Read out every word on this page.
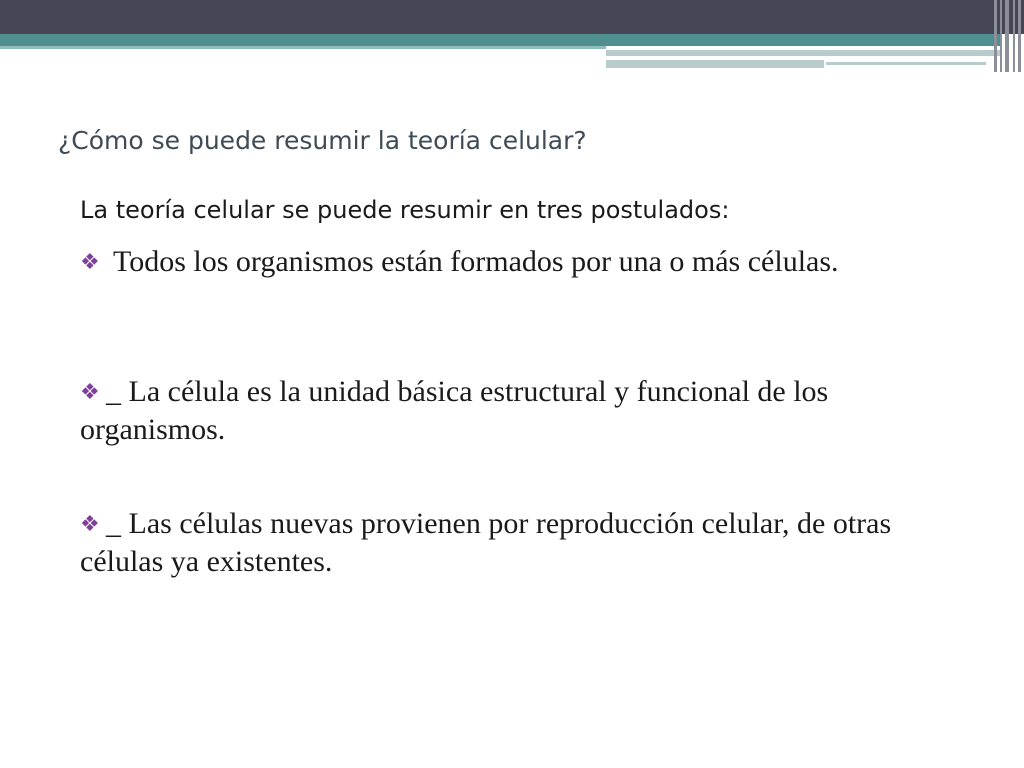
¿Cómo se puede resumir la teoría celular?

La teoría celular se puede resumir en tres postulados:

❖ Todos los organismos están formados por una o más células.
❖ _ La célula es la unidad básica estructural y funcional de los organismos.
❖ _ Las células nuevas provienen por reproducción celular, de otras células ya existentes.
